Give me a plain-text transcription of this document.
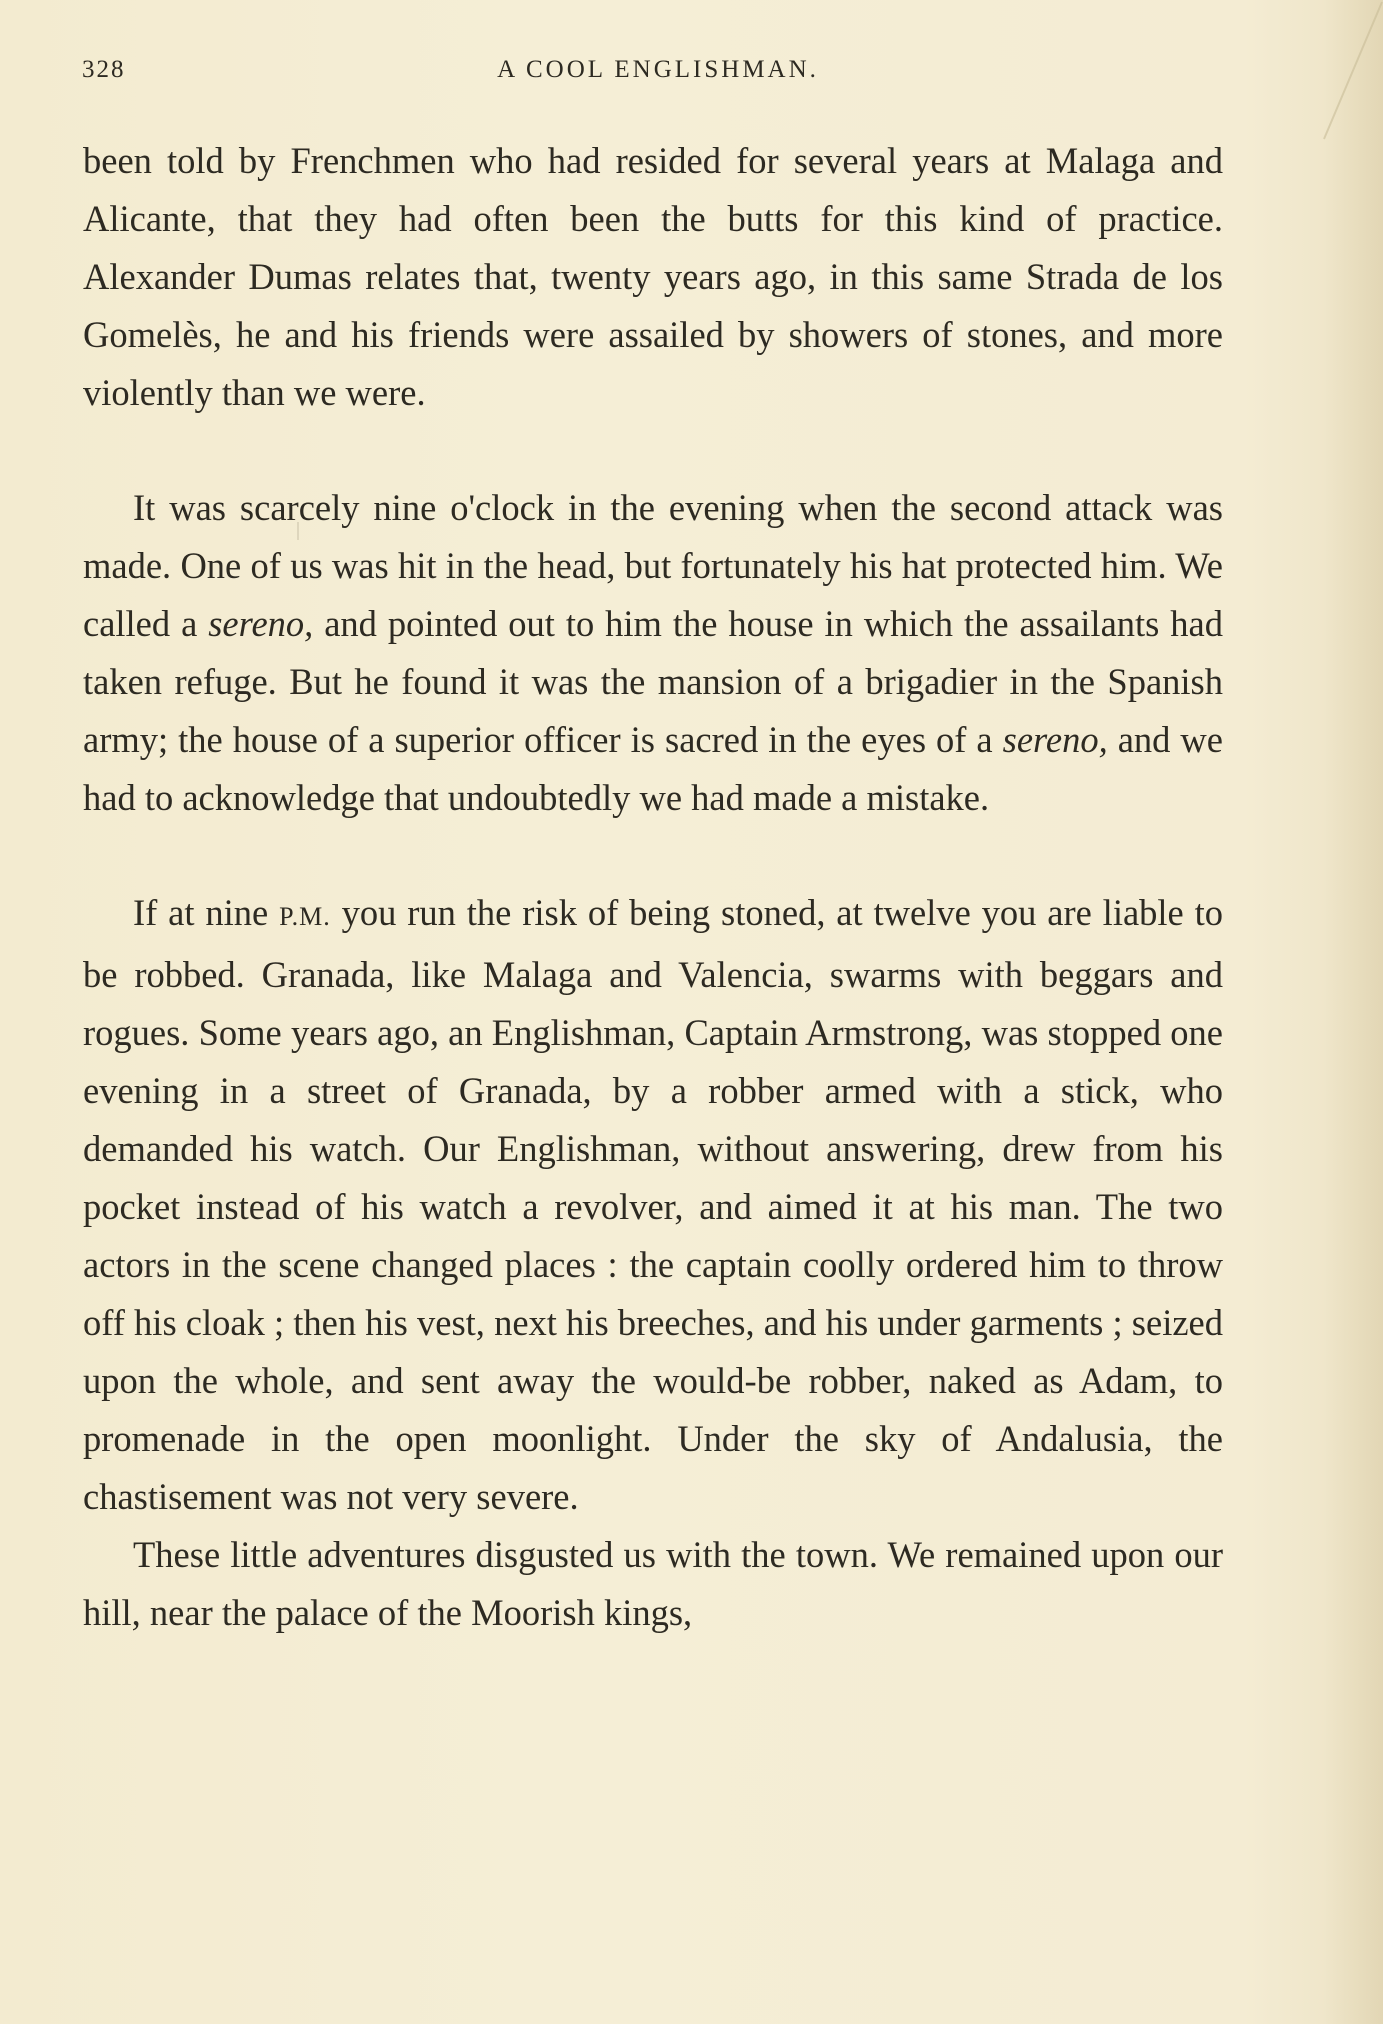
328	A COOL ENGLISHMAN.

been told by Frenchmen who had resided for several years at Malaga and Alicante, that they had often been the butts for this kind of practice. Alexander Dumas relates that, twenty years ago, in this same Strada de los Gomelès, he and his friends were assailed by showers of stones, and more violently than we were.

It was scarcely nine o'clock in the evening when the second attack was made. One of us was hit in the head, but fortunately his hat protected him. We called a sereno, and pointed out to him the house in which the assailants had taken refuge. But he found it was the mansion of a brigadier in the Spanish army; the house of a superior officer is sacred in the eyes of a sereno, and we had to acknowledge that undoubtedly we had made a mistake.

If at nine P.M. you run the risk of being stoned, at twelve you are liable to be robbed. Granada, like Malaga and Valencia, swarms with beggars and rogues. Some years ago, an Englishman, Captain Armstrong, was stopped one evening in a street of Granada, by a robber armed with a stick, who demanded his watch. Our Englishman, without answering, drew from his pocket instead of his watch a revolver, and aimed it at his man. The two actors in the scene changed places : the captain coolly ordered him to throw off his cloak ; then his vest, next his breeches, and his under garments ; seized upon the whole, and sent away the would-be robber, naked as Adam, to promenade in the open moonlight. Under the sky of Andalusia, the chastisement was not very severe.

These little adventures disgusted us with the town. We remained upon our hill, near the palace of the Moorish kings,
